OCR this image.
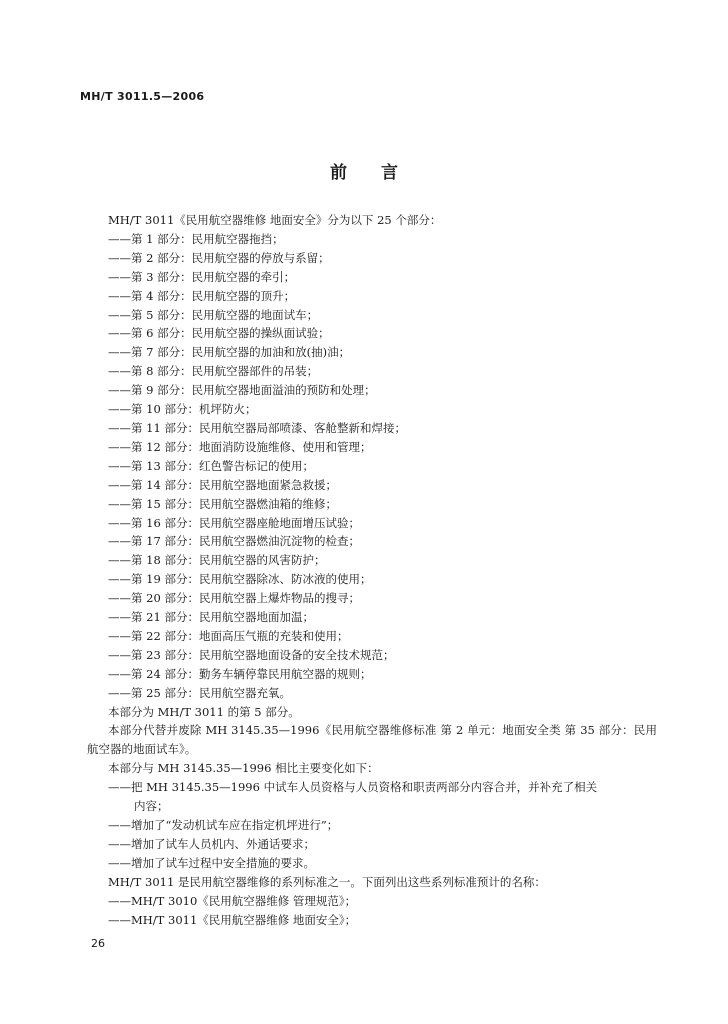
MH/T 3011.5—2006
前言
MH/T 3011《民用航空器维修 地面安全》分为以下 25 个部分：
——第 1 部分：民用航空器拖挡；
——第 2 部分：民用航空器的停放与系留；
——第 3 部分：民用航空器的牵引；
——第 4 部分：民用航空器的顶升；
——第 5 部分：民用航空器的地面试车；
——第 6 部分：民用航空器的操纵面试验；
——第 7 部分：民用航空器的加油和放(抽)油；
——第 8 部分：民用航空器部件的吊装；
——第 9 部分：民用航空器地面溢油的预防和处理；
——第 10 部分：机坪防火；
——第 11 部分：民用航空器局部喷漆、客舱整新和焊接；
——第 12 部分：地面消防设施维修、使用和管理；
——第 13 部分：红色警告标记的使用；
——第 14 部分：民用航空器地面紧急救援；
——第 15 部分：民用航空器燃油箱的维修；
——第 16 部分：民用航空器座舱地面增压试验；
——第 17 部分：民用航空器燃油沉淀物的检查；
——第 18 部分：民用航空器的风害防护；
——第 19 部分：民用航空器除冰、防冰液的使用；
——第 20 部分：民用航空器上爆炸物品的搜寻；
——第 21 部分：民用航空器地面加温；
——第 22 部分：地面高压气瓶的充装和使用；
——第 23 部分：民用航空器地面设备的安全技术规范；
——第 24 部分：勤务车辆停靠民用航空器的规则；
——第 25 部分：民用航空器充氧。
本部分为 MH/T 3011 的第 5 部分。
本部分代替并废除 MH 3145.35—1996《民用航空器维修标准 第 2 单元：地面安全类 第 35 部分：民用航空器的地面试车》。
本部分与 MH 3145.35—1996 相比主要变化如下：
——把 MH 3145.35—1996 中试车人员资格与人员资格和职责两部分内容合并，并补充了相关
内容；
——增加了“发动机试车应在指定机坪进行”；
——增加了试车人员机内、外通话要求；
——增加了试车过程中安全措施的要求。
MH/T 3011 是民用航空器维修的系列标准之一。下面列出这些系列标准预计的名称：
——MH/T 3010《民用航空器维修 管理规范》；
——MH/T 3011《民用航空器维修 地面安全》；
26
